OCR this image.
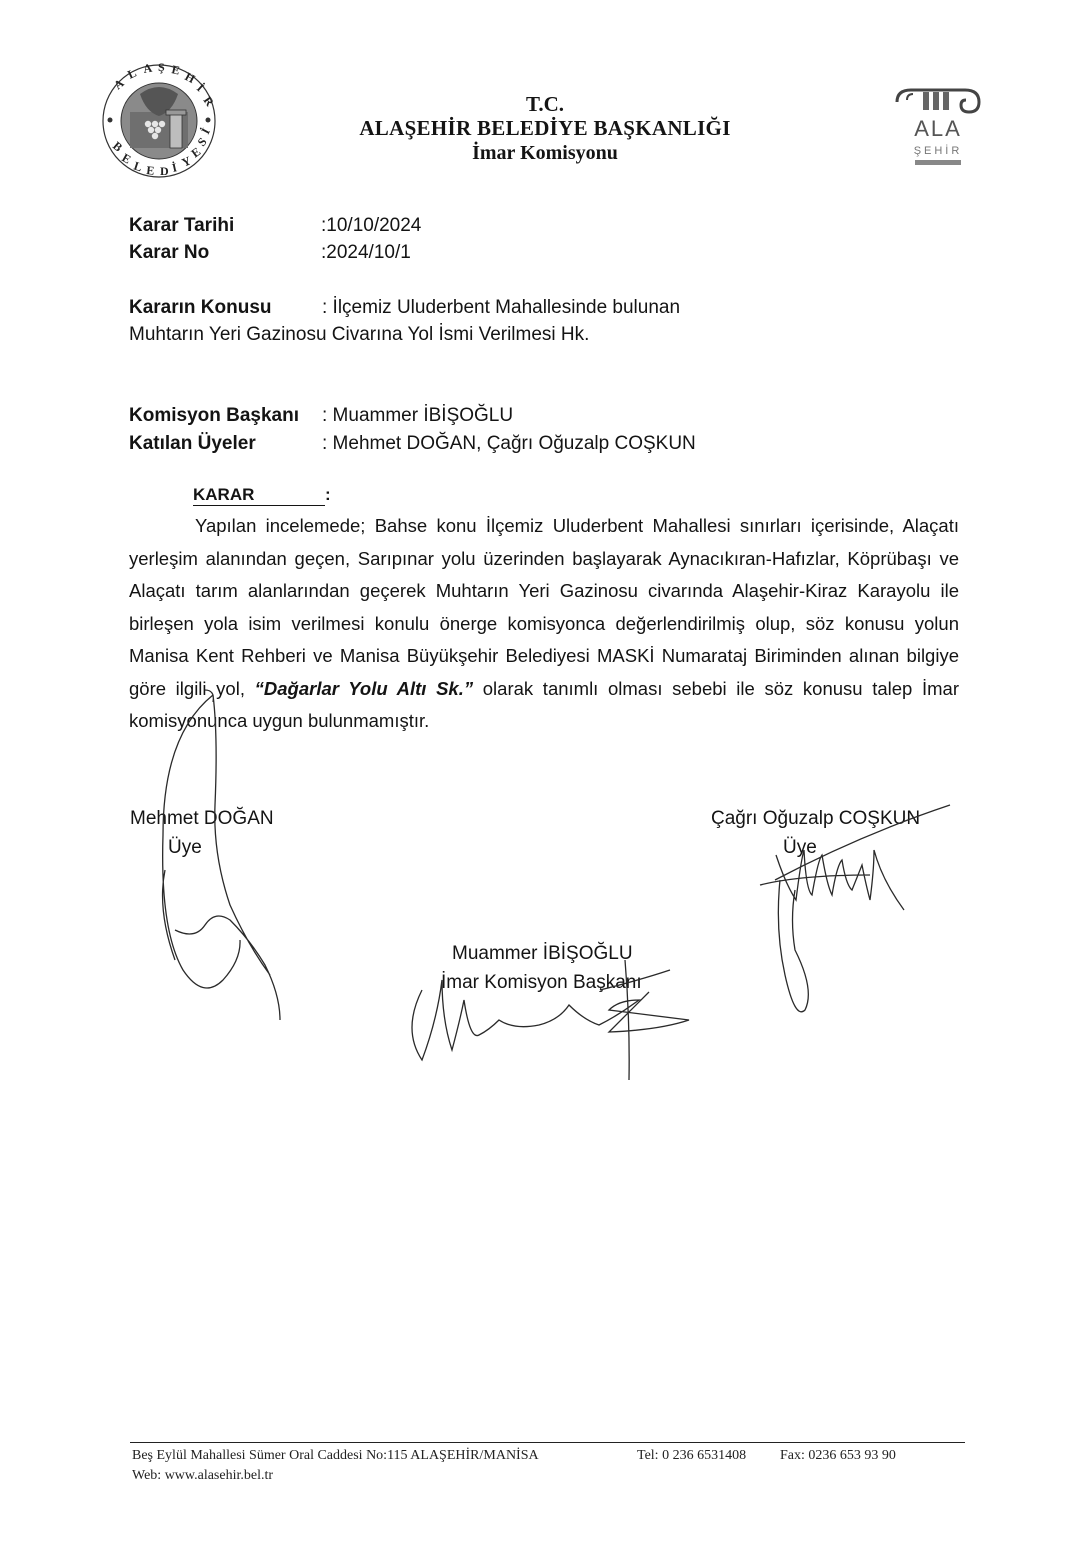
A
L A Ş E H
İ
R
B
E
L E D İ Y
E
S
İ
T.C.
ALAŞEHİR BELEDİYE BAŞKANLIĞI
İmar Komisyonu
ALA
ŞEHİR
Karar Tarihi	:10/10/2024
Karar No	:2024/10/1
Kararın Konusu	: İlçemiz Uluderbent Mahallesinde bulunan
Muhtarın Yeri Gazinosu Civarına Yol İsmi Verilmesi Hk.
Komisyon Başkanı : Muammer İBİŞOĞLU
Katılan Üyeler	: Mehmet DOĞAN, Çağrı Oğuzalp COŞKUN
KARAR	:
Yapılan incelemede; Bahse konu İlçemiz Uluderbent Mahallesi sınırları içerisinde, Alaçatı yerleşim alanından geçen, Sarıpınar yolu üzerinden başlayarak Aynacıkıran-Hafızlar, Köprübaşı ve Alaçatı tarım alanlarından geçerek Muhtarın Yeri Gazinosu civarında Alaşehir-Kiraz Karayolu ile birleşen yola isim verilmesi konulu önerge komisyonca değerlendirilmiş olup, söz konusu yolun Manisa Kent Rehberi ve Manisa Büyükşehir Belediyesi MASKİ Numarataj Biriminden alınan bilgiye göre ilgili yol, “Dağarlar Yolu Altı Sk.” olarak tanımlı olması sebebi ile söz konusu talep İmar komisyonunca uygun bulunmamıştır.
Mehmet DOĞAN
Üye
Çağrı Oğuzalp COŞKUN
Üye
Muammer İBİŞOĞLU
İmar Komisyon Başkanı
Beş Eylül Mahallesi Sümer Oral Caddesi No:115 ALAŞEHİR/MANİSA	Tel: 0 236 6531408 Fax: 0236 653 93 90
Web: www.alasehir.bel.tr
